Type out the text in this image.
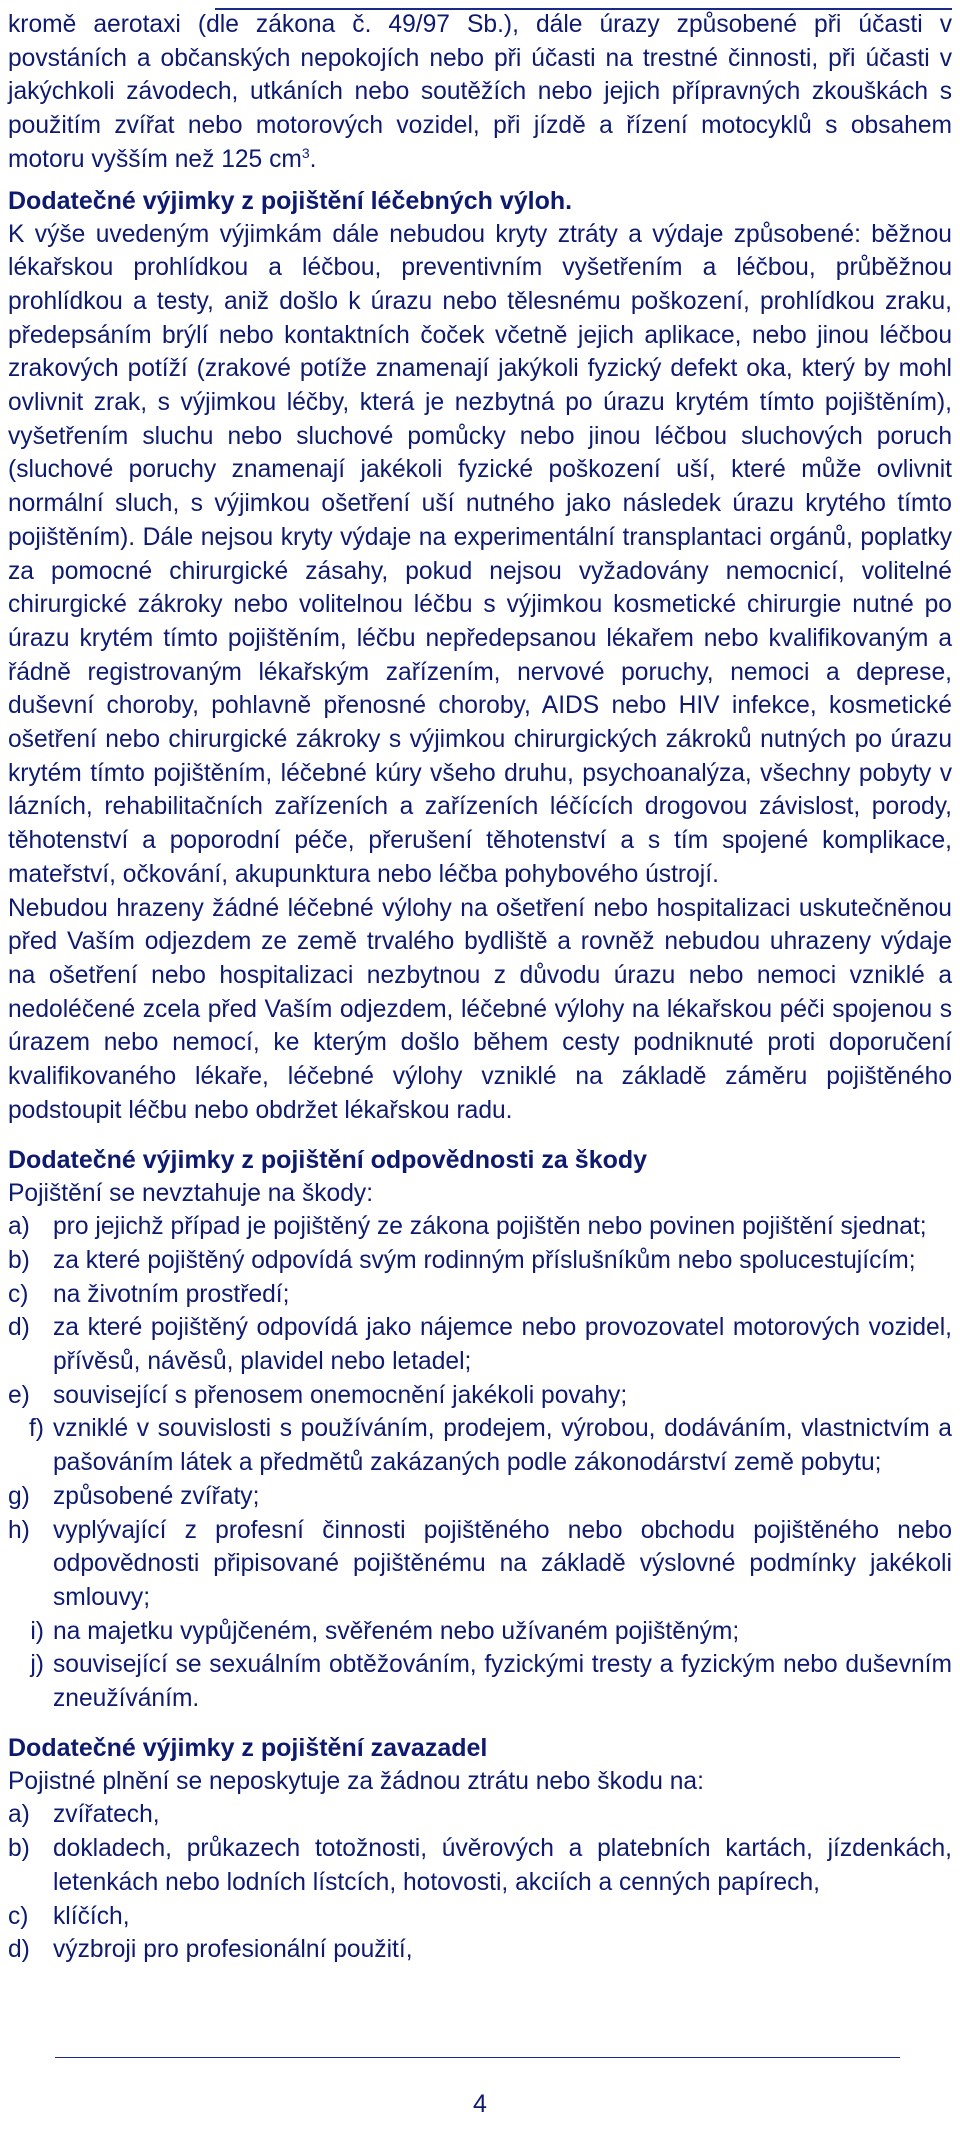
kromě aerotaxi (dle zákona č. 49/97 Sb.), dále úrazy způsobené při účasti v povstáních a občanských nepokojích nebo při účasti na trestné činnosti, při účasti v jakýchkoli závodech, utkáních nebo soutěžích nebo jejich přípravných zkouškách s použitím zvířat nebo motorových vozidel, při jízdě a řízení motocyklů s obsahem motoru vyšším než 125 $cm^3$.

Dodatečné výjimky z pojištění léčebných výloh.

K výše uvedeným výjimkám dále nebudou kryty ztráty a výdaje způsobené: běžnou lékařskou prohlídkou a léčbou, preventivním vyšetřením a léčbou, průběžnou prohlídkou a testy, aniž došlo k úrazu nebo tělesnému poškození, prohlídkou zraku, předepsáním brýlí nebo kontaktních čoček včetně jejich aplikace, nebo jinou léčbou zrakových potíží (zrakové potíže znamenají jakýkoli fyzický defekt oka, který by mohl ovlivnit zrak, s výjimkou léčby, která je nezbytná po úrazu krytém tímto pojištěním), vyšetřením sluchu nebo sluchové pomůcky nebo jinou léčbou sluchových poruch (sluchové poruchy znamenají jakékoli fyzické poškození uší, které může ovlivnit normální sluch, s výjimkou ošetření uší nutného jako následek úrazu krytého tímto pojištěním). Dále nejsou kryty výdaje na experimentální transplantaci orgánů, poplatky za pomocné chirurgické zásahy, pokud nejsou vyžadovány nemocnicí, volitelné chirurgické zákroky nebo volitelnou léčbu s výjimkou kosmetické chirurgie nutné po úrazu krytém tímto pojištěním, léčbu nepředepsanou lékařem nebo kvalifikovaným a řádně registrovaným lékařským zařízením, nervové poruchy, nemoci a deprese, duševní choroby, pohlavně přenosné choroby, AIDS nebo HIV infekce, kosmetické ošetření nebo chirurgické zákroky s výjimkou chirurgických zákroků nutných po úrazu krytém tímto pojištěním, léčebné kúry všeho druhu, psychoanalýza, všechny pobyty v lázních, rehabilitačních zařízeních a zařízeních léčících drogovou závislost, porody, těhotenství a poporodní péče, přerušení těhotenství a s tím spojené komplikace, mateřství, očkování, akupunktura nebo léčba pohybového ústrojí.

Nebudou hrazeny žádné léčebné výlohy na ošetření nebo hospitalizaci uskutečněnou před Vaším odjezdem ze země trvalého bydliště a rovněž nebudou uhrazeny výdaje na ošetření nebo hospitalizaci nezbytnou z důvodu úrazu nebo nemoci vzniklé a nedoléčené zcela před Vaším odjezdem, léčebné výlohy na lékařskou péči spojenou s úrazem nebo nemocí, ke kterým došlo během cesty podniknuté proti doporučení kvalifikovaného lékaře, léčebné výlohy vzniklé na základě záměru pojištěného podstoupit léčbu nebo obdržet lékařskou radu.

Dodatečné výjimky z pojištění odpovědnosti za škody

Pojištění se nevztahuje na škody:

a) pro jejichž případ je pojištěný ze zákona pojištěn nebo povinen pojištění sjednat;
b) za které pojištěný odpovídá svým rodinným příslušníkům nebo spolucestujícím;
c) na životním prostředí;
d) za které pojištěný odpovídá jako nájemce nebo provozovatel motorových vozidel, přívěsů, návěsů, plavidel nebo letadel;
e) související s přenosem onemocnění jakékoli povahy;
f) vzniklé v souvislosti s používáním, prodejem, výrobou, dodáváním, vlastnictvím a pašováním látek a předmětů zakázaných podle zákonodárství země pobytu;
g) způsobené zvířaty;
h) vyplývající z profesní činnosti pojištěného nebo obchodu pojištěného nebo odpovědnosti připisované pojištěnému na základě výslovné podmínky jakékoli smlouvy;
i) na majetku vypůjčeném, svěřeném nebo užívaném pojištěným;
j) související se sexuálním obtěžováním, fyzickými tresty a fyzickým nebo duševním zneužíváním.
Dodatečné výjimky z pojištění zavazadel

Pojistné plnění se neposkytuje za žádnou ztrátu nebo škodu na:

a) zvířatech,
b) dokladech, průkazech totožnosti, úvěrových a platebních kartách, jízdenkách, letenkách nebo lodních lístcích, hotovosti, akciích a cenných papírech,
c) klíčích,
d) výzbroji pro profesionální použití,
4
